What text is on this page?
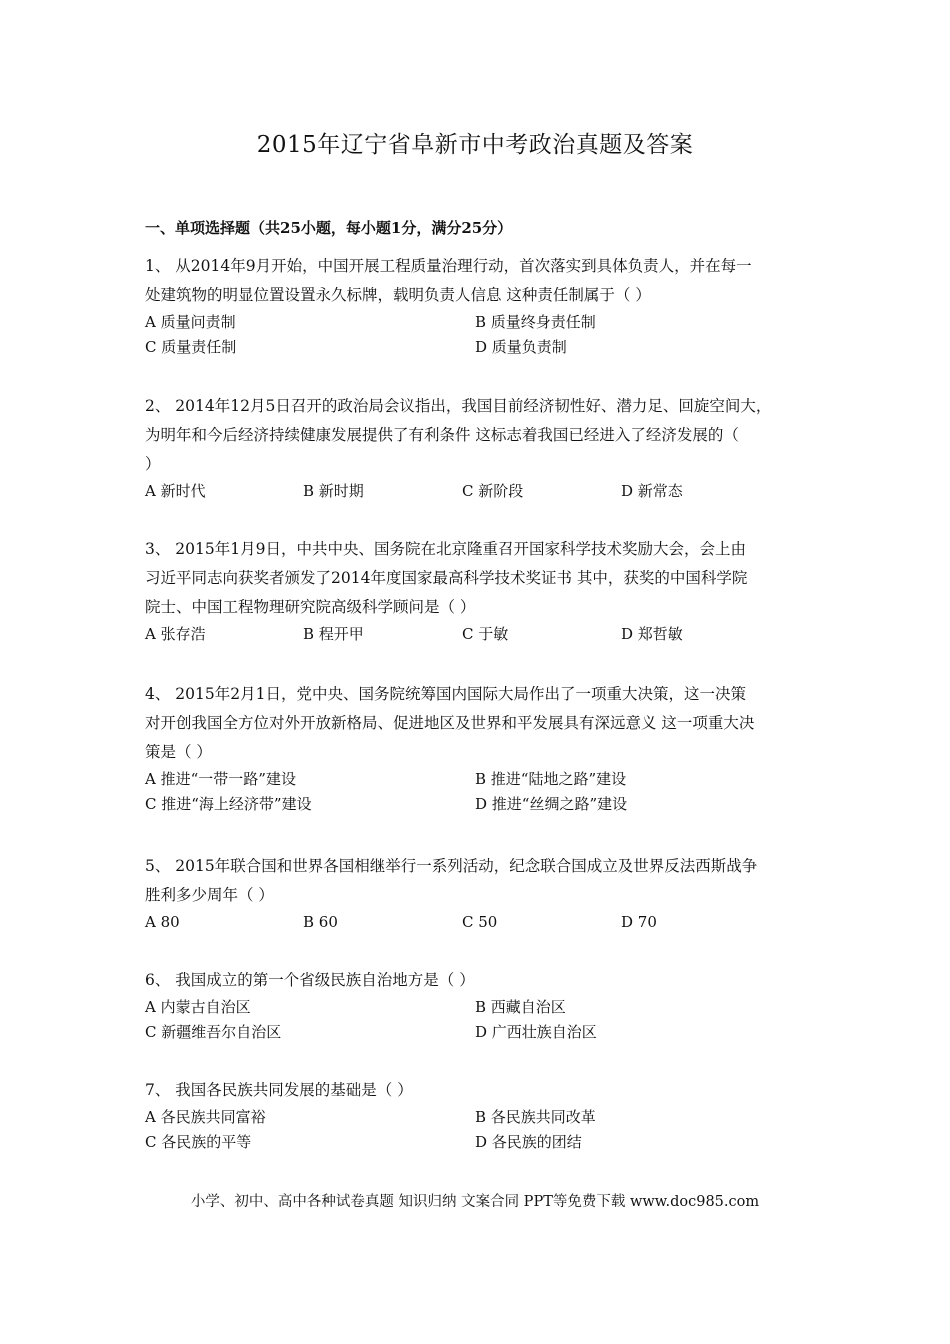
2015年辽宁省阜新市中考政治真题及答案
一、单项选择题（共25小题，每小题1分，满分25分）
1、 从2014年9月开始，中国开展工程质量治理行动，首次落实到具体负责人，并在每一
处建筑物的明显位置设置永久标牌，载明负责人信息 这种责任制属于（ ）
A 质量问责制	B 质量终身责任制
C 质量责任制	D 质量负责制
2、 2014年12月5日召开的政治局会议指出，我国目前经济韧性好、潜力足、回旋空间大，
为明年和今后经济持续健康发展提供了有利条件 这标志着我国已经进入了经济发展的（
）
A 新时代	B 新时期	C 新阶段	D 新常态
3、 2015年1月9日，中共中央、国务院在北京隆重召开国家科学技术奖励大会，会上由
习近平同志向获奖者颁发了2014年度国家最高科学技术奖证书 其中，获奖的中国科学院
院士、中国工程物理研究院高级科学顾问是（ ）
A 张存浩	B 程开甲	C 于敏	D 郑哲敏
4、 2015年2月1日，党中央、国务院统筹国内国际大局作出了一项重大决策，这一决策
对开创我国全方位对外开放新格局、促进地区及世界和平发展具有深远意义 这一项重大决
策是（ ）
A 推进“一带一路”建设	B 推进“陆地之路”建设
C 推进“海上经济带”建设	D 推进“丝绸之路”建设
5、 2015年联合国和世界各国相继举行一系列活动，纪念联合国成立及世界反法西斯战争
胜利多少周年（ ）
A 80	B 60	C 50	D 70
6、 我国成立的第一个省级民族自治地方是（ ）
A 内蒙古自治区	B 西藏自治区
C 新疆维吾尔自治区	D 广西壮族自治区
7、 我国各民族共同发展的基础是（ ）
A 各民族共同富裕	B 各民族共同改革
C 各民族的平等	D 各民族的团结

小学、初中、高中各种试卷真题 知识归纳 文案合同 PPT等免费下载 www.doc985.com
